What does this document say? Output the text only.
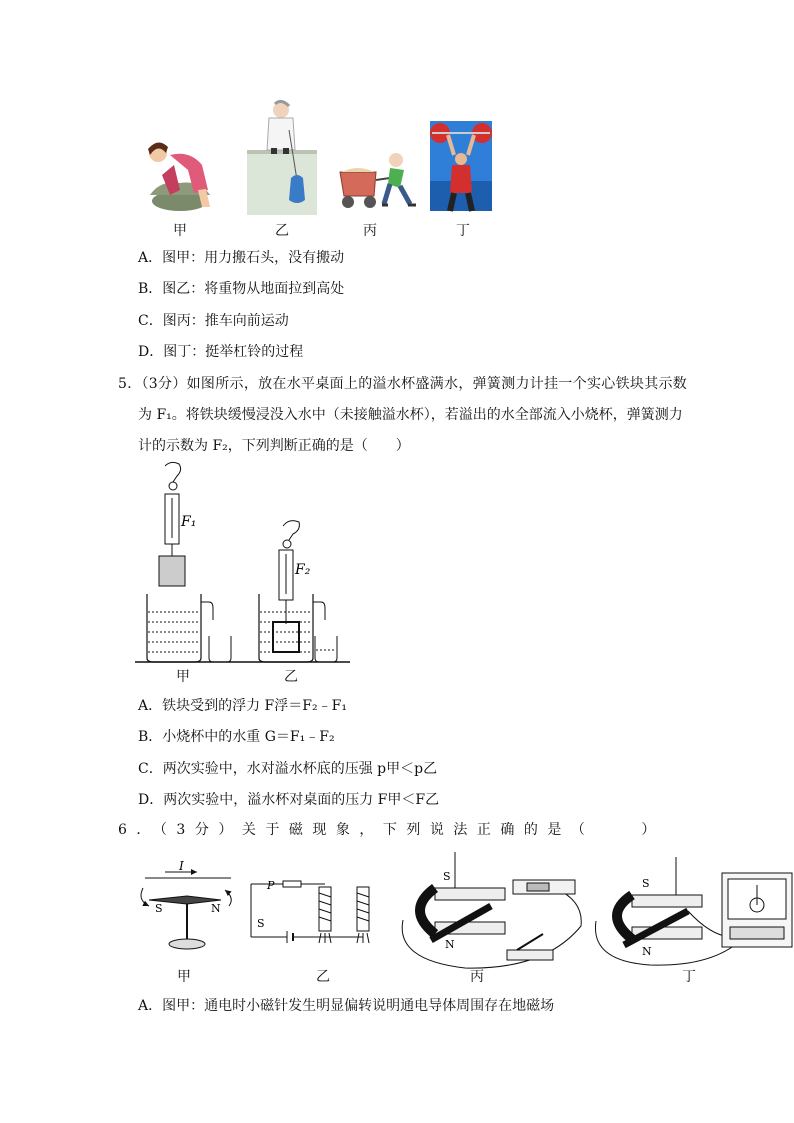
甲	乙	丙	丁
A．图甲：用力搬石头，没有搬动
B．图乙：将重物从地面拉到高处
C．图丙：推车向前运动
D．图丁：挺举杠铃的过程
5．（3分）如图所示，放在水平桌面上的溢水杯盛满水，弹簧测力计挂一个实心铁块其示数
为 F₁。将铁块缓慢浸没入水中（未接触溢水杯），若溢出的水全部流入小烧杯，弹簧测力
计的示数为 F₂，下列判断正确的是（　　）
F₁
F₂
甲	乙
A．铁块受到的浮力 F浮＝F₂﹣F₁
B．小烧杯中的水重 G＝F₁﹣F₂
C．两次实验中，水对溢水杯底的压强 p甲＜p乙
D．两次实验中，溢水杯对桌面的压力 F甲＜F乙
6．（3分）关于磁现象，下列说法正确的是（　　）
I
S	N
P
S
S
N
S
N
甲	乙	丙	丁
A．图甲：通电时小磁针发生明显偏转说明通电导体周围存在地磁场
